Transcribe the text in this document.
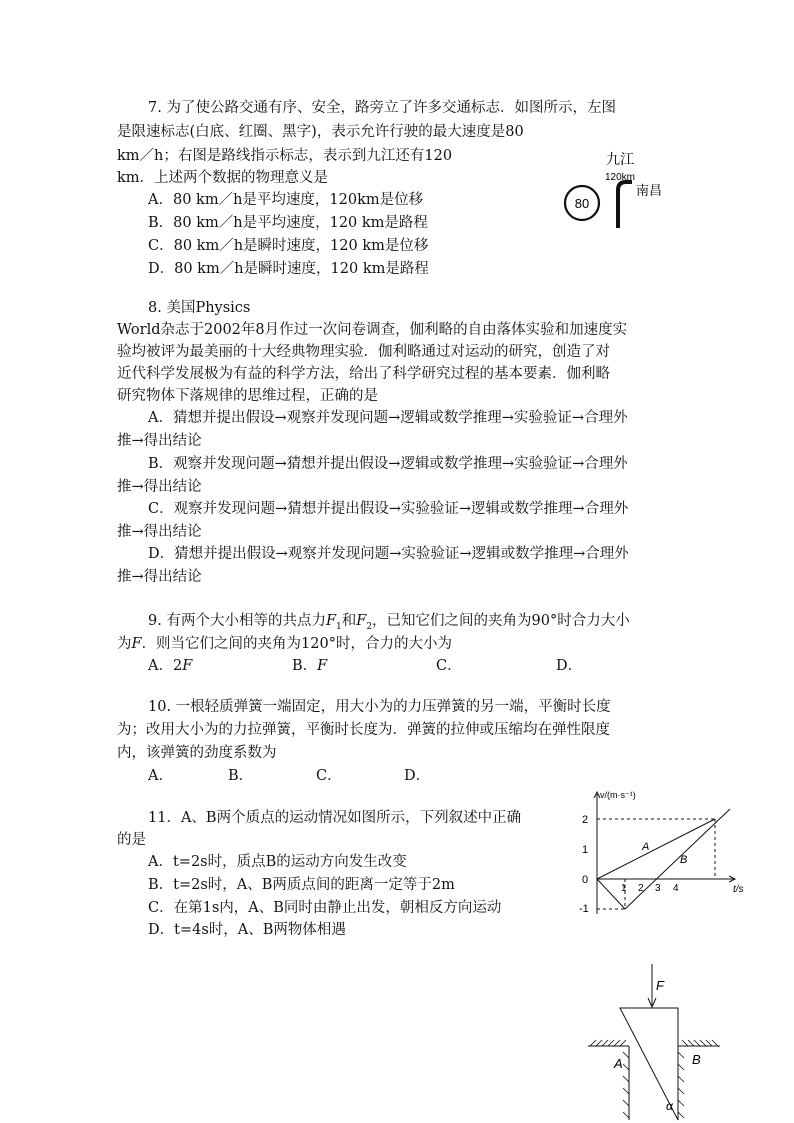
7. 为了使公路交通有序、安全，路旁立了许多交通标志．如图所示，左图
是限速标志(白底、红圈、黑字)，表示允许行驶的最大速度是80
km／h；右图是路线指示标志，表示到九江还有120
km．上述两个数据的物理意义是
A．80 km／h是平均速度，120km是位移
B．80 km／h是平均速度，120 km是路程
C．80 km／h是瞬时速度，120 km是位移
D．80 km／h是瞬时速度，120 km是路程
80
九江
120km
南昌
8. 美国Physics
World杂志于2002年8月作过一次问卷调查，伽利略的自由落体实验和加速度实
验均被评为最美丽的十大经典物理实验．伽利略通过对运动的研究，创造了对
近代科学发展极为有益的科学方法，给出了科学研究过程的基本要素．伽利略
研究物体下落规律的思维过程，正确的是
A．猜想并提出假设→观察并发现问题→逻辑或数学推理→实验验证→合理外
推→得出结论
B．观察并发现问题→猜想并提出假设→逻辑或数学推理→实验验证→合理外
推→得出结论
C．观察并发现问题→猜想并提出假设→实验验证→逻辑或数学推理→合理外
推→得出结论
D．猜想并提出假设→观察并发现问题→实验验证→逻辑或数学推理→合理外
推→得出结论
9. 有两个大小相等的共点力$F_1$和$F_2$，已知它们之间的夹角为90°时合力大小
为F．则当它们之间的夹角为120°时，合力的大小为
A．2F	B．F	C．	D．
10. 一根轻质弹簧一端固定，用大小为的力压弹簧的另一端，平衡时长度
为；改用大小为的力拉弹簧，平衡时长度为．弹簧的拉伸或压缩均在弹性限度
内，该弹簧的劲度系数为
A．	B．	C．	D．
11．A、B两个质点的运动情况如图所示，下列叙述中正确
的是
A．t=2s时，质点B的运动方向发生改变
B．t=2s时，A、B两质点间的距离一定等于2m
C．在第1s内，A、B同时由静止出发，朝相反方向运动
D．t=4s时，A、B两物体相遇
v/(m·s⁻¹)
t/s
2
1
0
-1
1 2 3 4
A
B
F
A	B
α
